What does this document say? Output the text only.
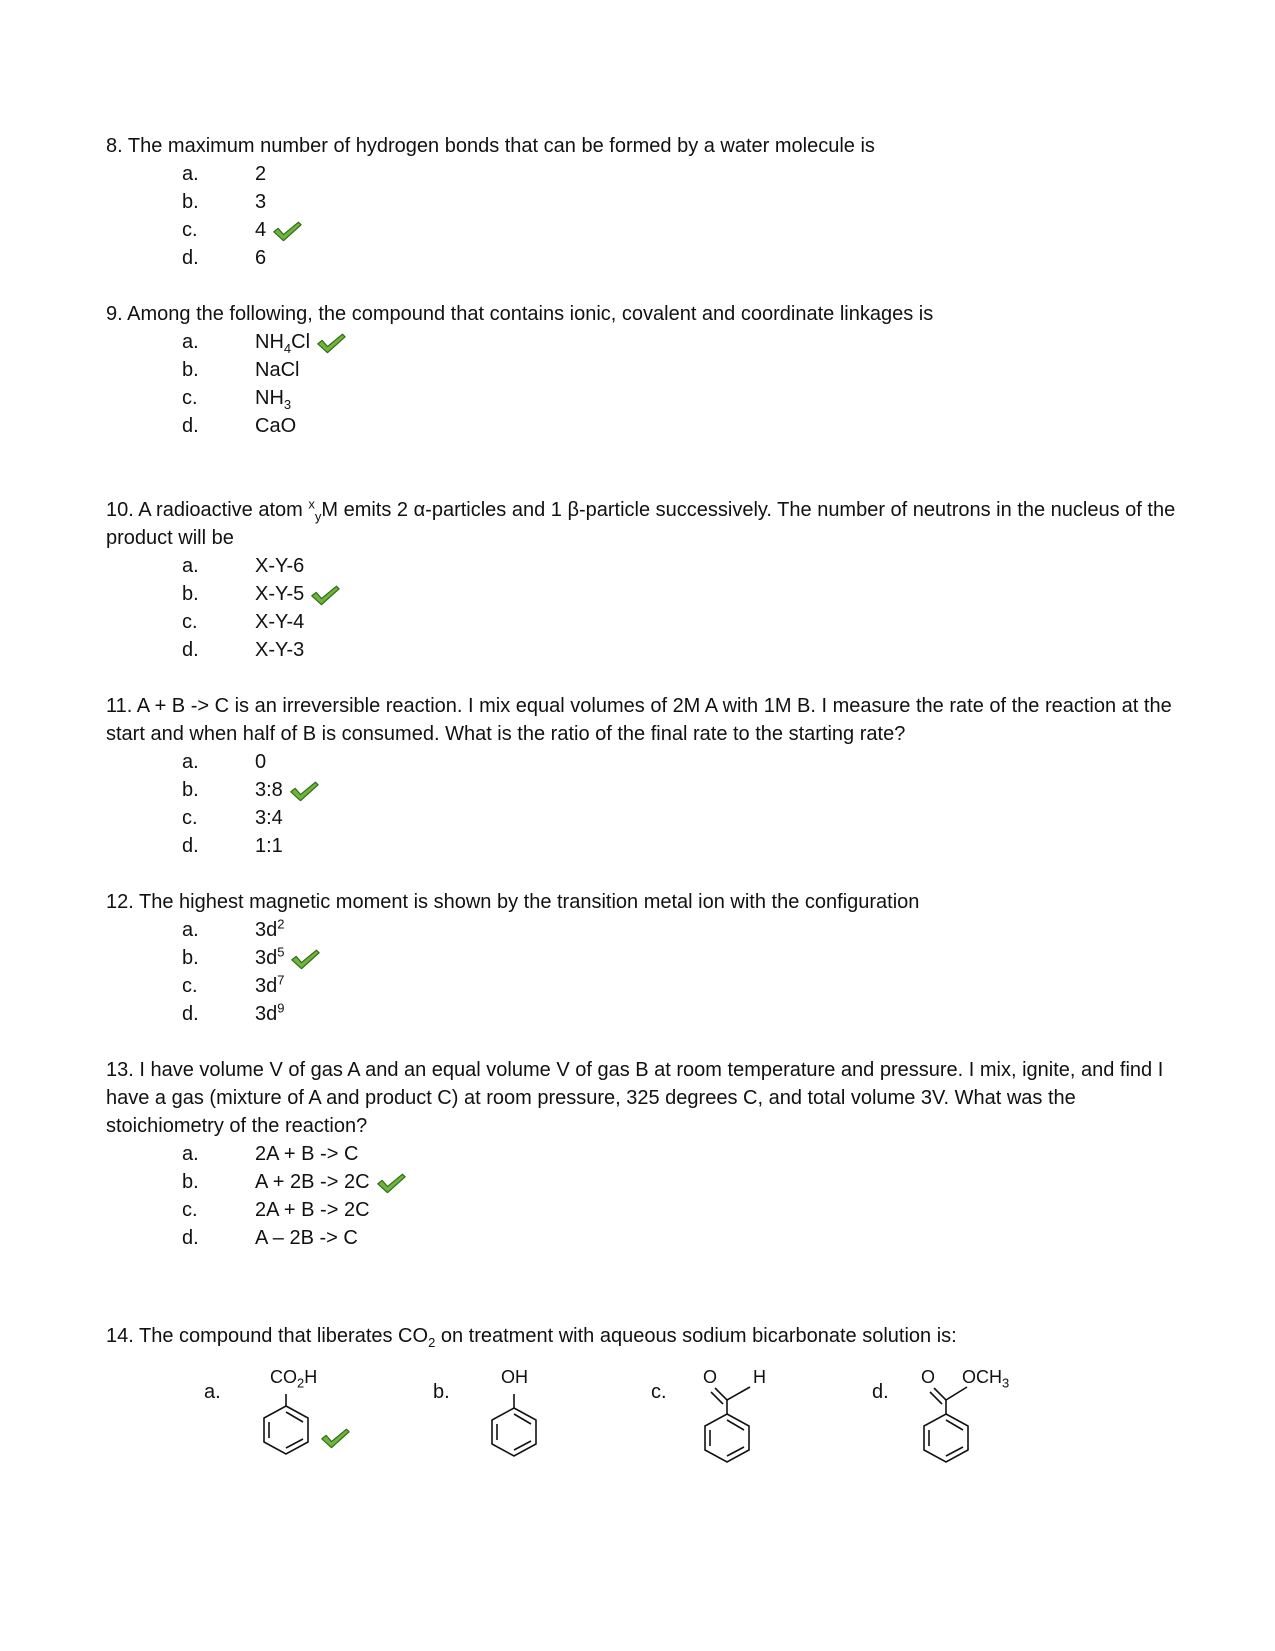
8. The maximum number of hydrogen bonds that can be formed by a water molecule is
a.	2
b.	3
c.	4
d.	6
9. Among the following, the compound that contains ionic, covalent and coordinate linkages is
a.	$NH_4Cl$
b.	NaCl
c.	$NH_3$
d.	CaO
10. A radioactive atom $^x_y$M emits 2 α-particles and 1 β-particle successively. The number of neutrons in the nucleus of the product will be
a.	X-Y-6
b.	X-Y-5
c.	X-Y-4
d.	X-Y-3
11. A + B -> C is an irreversible reaction. I mix equal volumes of 2M A with 1M B. I measure the rate of the reaction at the start and when half of B is consumed. What is the ratio of the final rate to the starting rate?
a.	0
b.	3:8
c.	3:4
d.	1:1
12. The highest magnetic moment is shown by the transition metal ion with the configuration
a.	$3d^2$
b.	$3d^5$
c.	$3d^7$
d.	$3d^9$
13. I have volume V of gas A and an equal volume V of gas B at room temperature and pressure. I mix, ignite, and find I have a gas (mixture of A and product C) at room pressure, 325 degrees C, and total volume 3V. What was the stoichiometry of the reaction?
a.	2A + B -> C
b.	A + 2B -> 2C
c.	2A + B -> 2C
d.	A – 2B -> C
14. The compound that liberates $CO_2$ on treatment with aqueous sodium bicarbonate solution is:
a.	b.	c.	d.
$CO_2H$	OH	O H	O $OCH_3$
